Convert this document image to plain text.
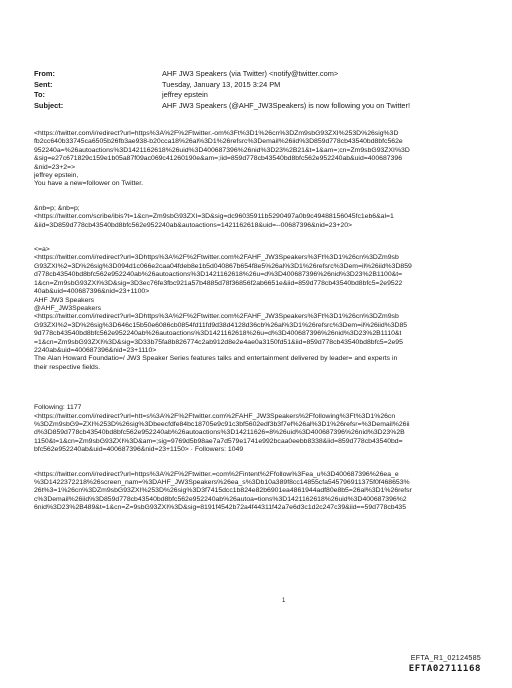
From:	AHF JW3 Speakers (via Twitter) <notify@twitter.com>
Sent:	Tuesday, January 13, 2015 3:24 PM
To:	jeffrey epstein
Subject:	AHF JW3 Speakers (@AHF_JW3Speakers) is now following you on Twitter!
<https://twitter.com/i/redirect?url=https%3A%2F%2Ftwitter.-om%3Ft%3D1%26cn%3DZm9sbG93ZXI%253D%26sig%3D
fb2cc640b33745ca6505b26fb3ae938-b20cca18%26al%3D1%26refsrc%3Demail%26iid%3D859d778cb43540bd8bfc562e
952240a=%26autoactions%3D1421162618%26uid%3D400687396%26nid%3D23%2B21&t=1&am=;cn=Zm9sbG93ZXI%3D
&sig=e27c671829c159e1b05a87f09ac069c41260190e&am=;iid=859d778cb43540bd8bfc562e952240ab&uid=400687396
&nid=23+2=>
jeffrey epstein,
You have a new=follower on Twitter.
&nb=p; &nb=p;
<https://twitter.com/scribe/ibis?t=1&cn=Zm9sbG93ZXI=3D&sig=dc96035911b5290497a0b9c49488156045fc1eb6&al=1
&iid=3D859d778cb43540bd8bfc562e952240ab&autoactions=1421162618&uid=--00687396&nid=23+20>
<=a>
<https://twitter.com/i/redirect?url=3Dhttps%3A%2F%2Ftwitter.com%2FAHF_JW3Speakers%3Ft%3D1%26cn%3DZm9sb
G93ZXI%2=3D%26sig%3D094d1c066e2caa04fdeb8e1b5d040867b654f8e5%26al%3D1%26refsrc%3Dem=il%26iid%3D859
d778cb43540bd8bfc562e952240ab%26autoactions%3D1421162618%26u=d%3D400687396%26nid%3D23%2B1100&t=
1&cn=Zm9sbG93ZXI%3D&sig=3D3ec76fe3fbc921a57b4885d78f36856f2ab6651e&iid=859d778cb43540bd8bfc5=2e9522
40ab&uid=400687396&nid=23+1100>
AHF JW3 Speakers
@AHF_JW3Speakers
<https://twitter.com/i/redirect?url=3Dhttps%3A%2F%2Ftwitter.com%2FAHF_JW3Speakers%3Ft%3D1%26cn%3DZm9sb
G93ZXI%2=3D%26sig%3D646c15b50e6086cb0854fd11fd9d38d4128d36cb%26al%3D1%26refsrc%3Dem=il%26iid%3D85
9d778cb43540bd8bfc562e952240ab%26autoactions%3D1421162618%26u=d%3D400687396%26nid%3D23%2B1110&t
=1&cn=Zm9sbG93ZXI%3D&sig=3D33b75fa8b826774c2ab912d8e2e4ae0a3150fd51&iid=859d778cb43540bd8bfc5=2e95
2240ab&uid=400687396&nid=23+1110>
The Alan Howard Foundatio=/ JW3 Speaker Series features talks and entertainment delivered by leader= and experts in
their respective fields.
Following: 1177
<https://twitter.com/i/redirect?url=htt=s%3A%2F%2Ftwitter.com%2FAHF_JW3Speakers%2Ffollowing%3Ft%3D1%26cn
%3DZm9sbG9=ZXI%253D%26sig%3Dbeecfdfe84bc18705e9c91c3bf5602edf3b3f7ef%26al%3D1%26refsr=%3Demail%26ii
d%3D859d778cb43540bd8bfc562e952240ab%26autoactions%3D14211626=8%26uid%3D400687396%26nid%3D23%2B
1150&t=1&cn=Zm9sbG93ZXI%3D&am=;sig=9769d5b98ae7a7d579e1741e992bcaa0eebb8338&iid=859d778cb43540bd=
bfc562e952240ab&uid=400687396&nid=23+1150> · Followers: 1049
<https://twitter.com/i/redirect?url=https%3A%2F%2Ftwitter.=com%2Fintent%2Ffollow%3Fea_u%3D400687396%26ea_e
%3D1422372218%26screen_nam=%3DAHF_JW3Speakers%26ea_s%3Db10a389f8cc14855cfa545796911375f0f468653%
26t%3=1%26cn%3DZm9sbG93ZXI%253D%26sig%3D3f7415dcc1b824e82b6901ea4861944adf80e8b5=26al%3D1%26refsr
c%3Demail%26iid%3D859d778cb43540bd8bfc562e952240ab%26autoa=tions%3D1421162618%26uid%3D400687396%2
6nid%3D23%2B489&t=1&cn=Z=9sbG93ZXI%3D&sig=8191f4542b72a4f44311f42a7e6d3c1d2c247c39&iid==59d778cb435
1
EFTA_R1_02124585
EFTA02711168
